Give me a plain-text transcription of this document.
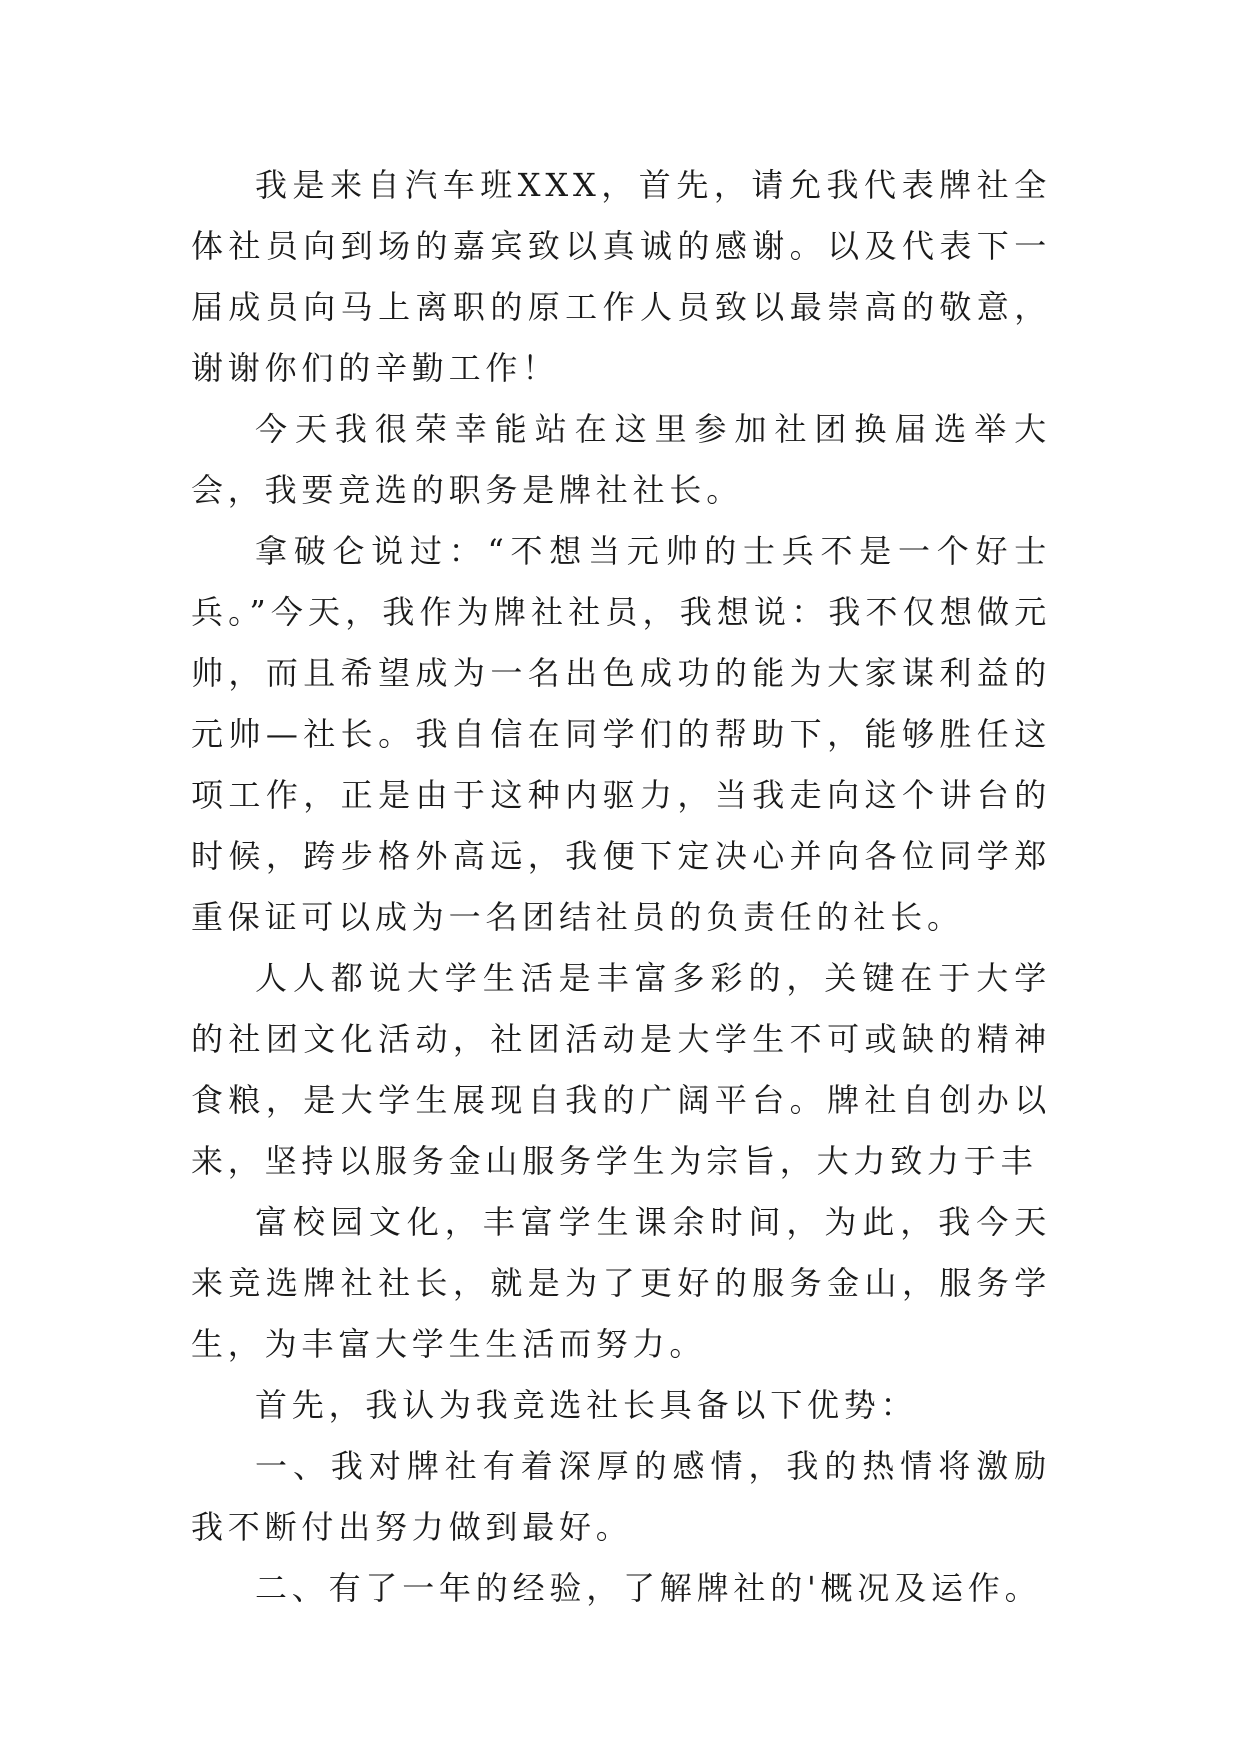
我是来自汽车班XXX，首先，请允我代表牌社全体社员向到场的嘉宾致以真诚的感谢。以及代表下一届成员向马上离职的原工作人员致以最崇高的敬意，谢谢你们的辛勤工作！

今天我很荣幸能站在这里参加社团换届选举大会，我要竞选的职务是牌社社长。

拿破仑说过：“不想当元帅的士兵不是一个好士兵。”今天，我作为牌社社员，我想说：我不仅想做元帅，而且希望成为一名出色成功的能为大家谋利益的元帅—社长。我自信在同学们的帮助下，能够胜任这项工作，正是由于这种内驱力，当我走向这个讲台的时候，跨步格外高远，我便下定决心并向各位同学郑重保证可以成为一名团结社员的负责任的社长。

人人都说大学生活是丰富多彩的，关键在于大学的社团文化活动，社团活动是大学生不可或缺的精神食粮，是大学生展现自我的广阔平台。牌社自创办以来，坚持以服务金山服务学生为宗旨，大力致力于丰

富校园文化，丰富学生课余时间，为此，我今天来竞选牌社社长，就是为了更好的服务金山，服务学生，为丰富大学生生活而努力。

首先，我认为我竞选社长具备以下优势：

一、我对牌社有着深厚的感情，我的热情将激励我不断付出努力做到最好。

二、有了一年的经验，了解牌社的'概况及运作。
